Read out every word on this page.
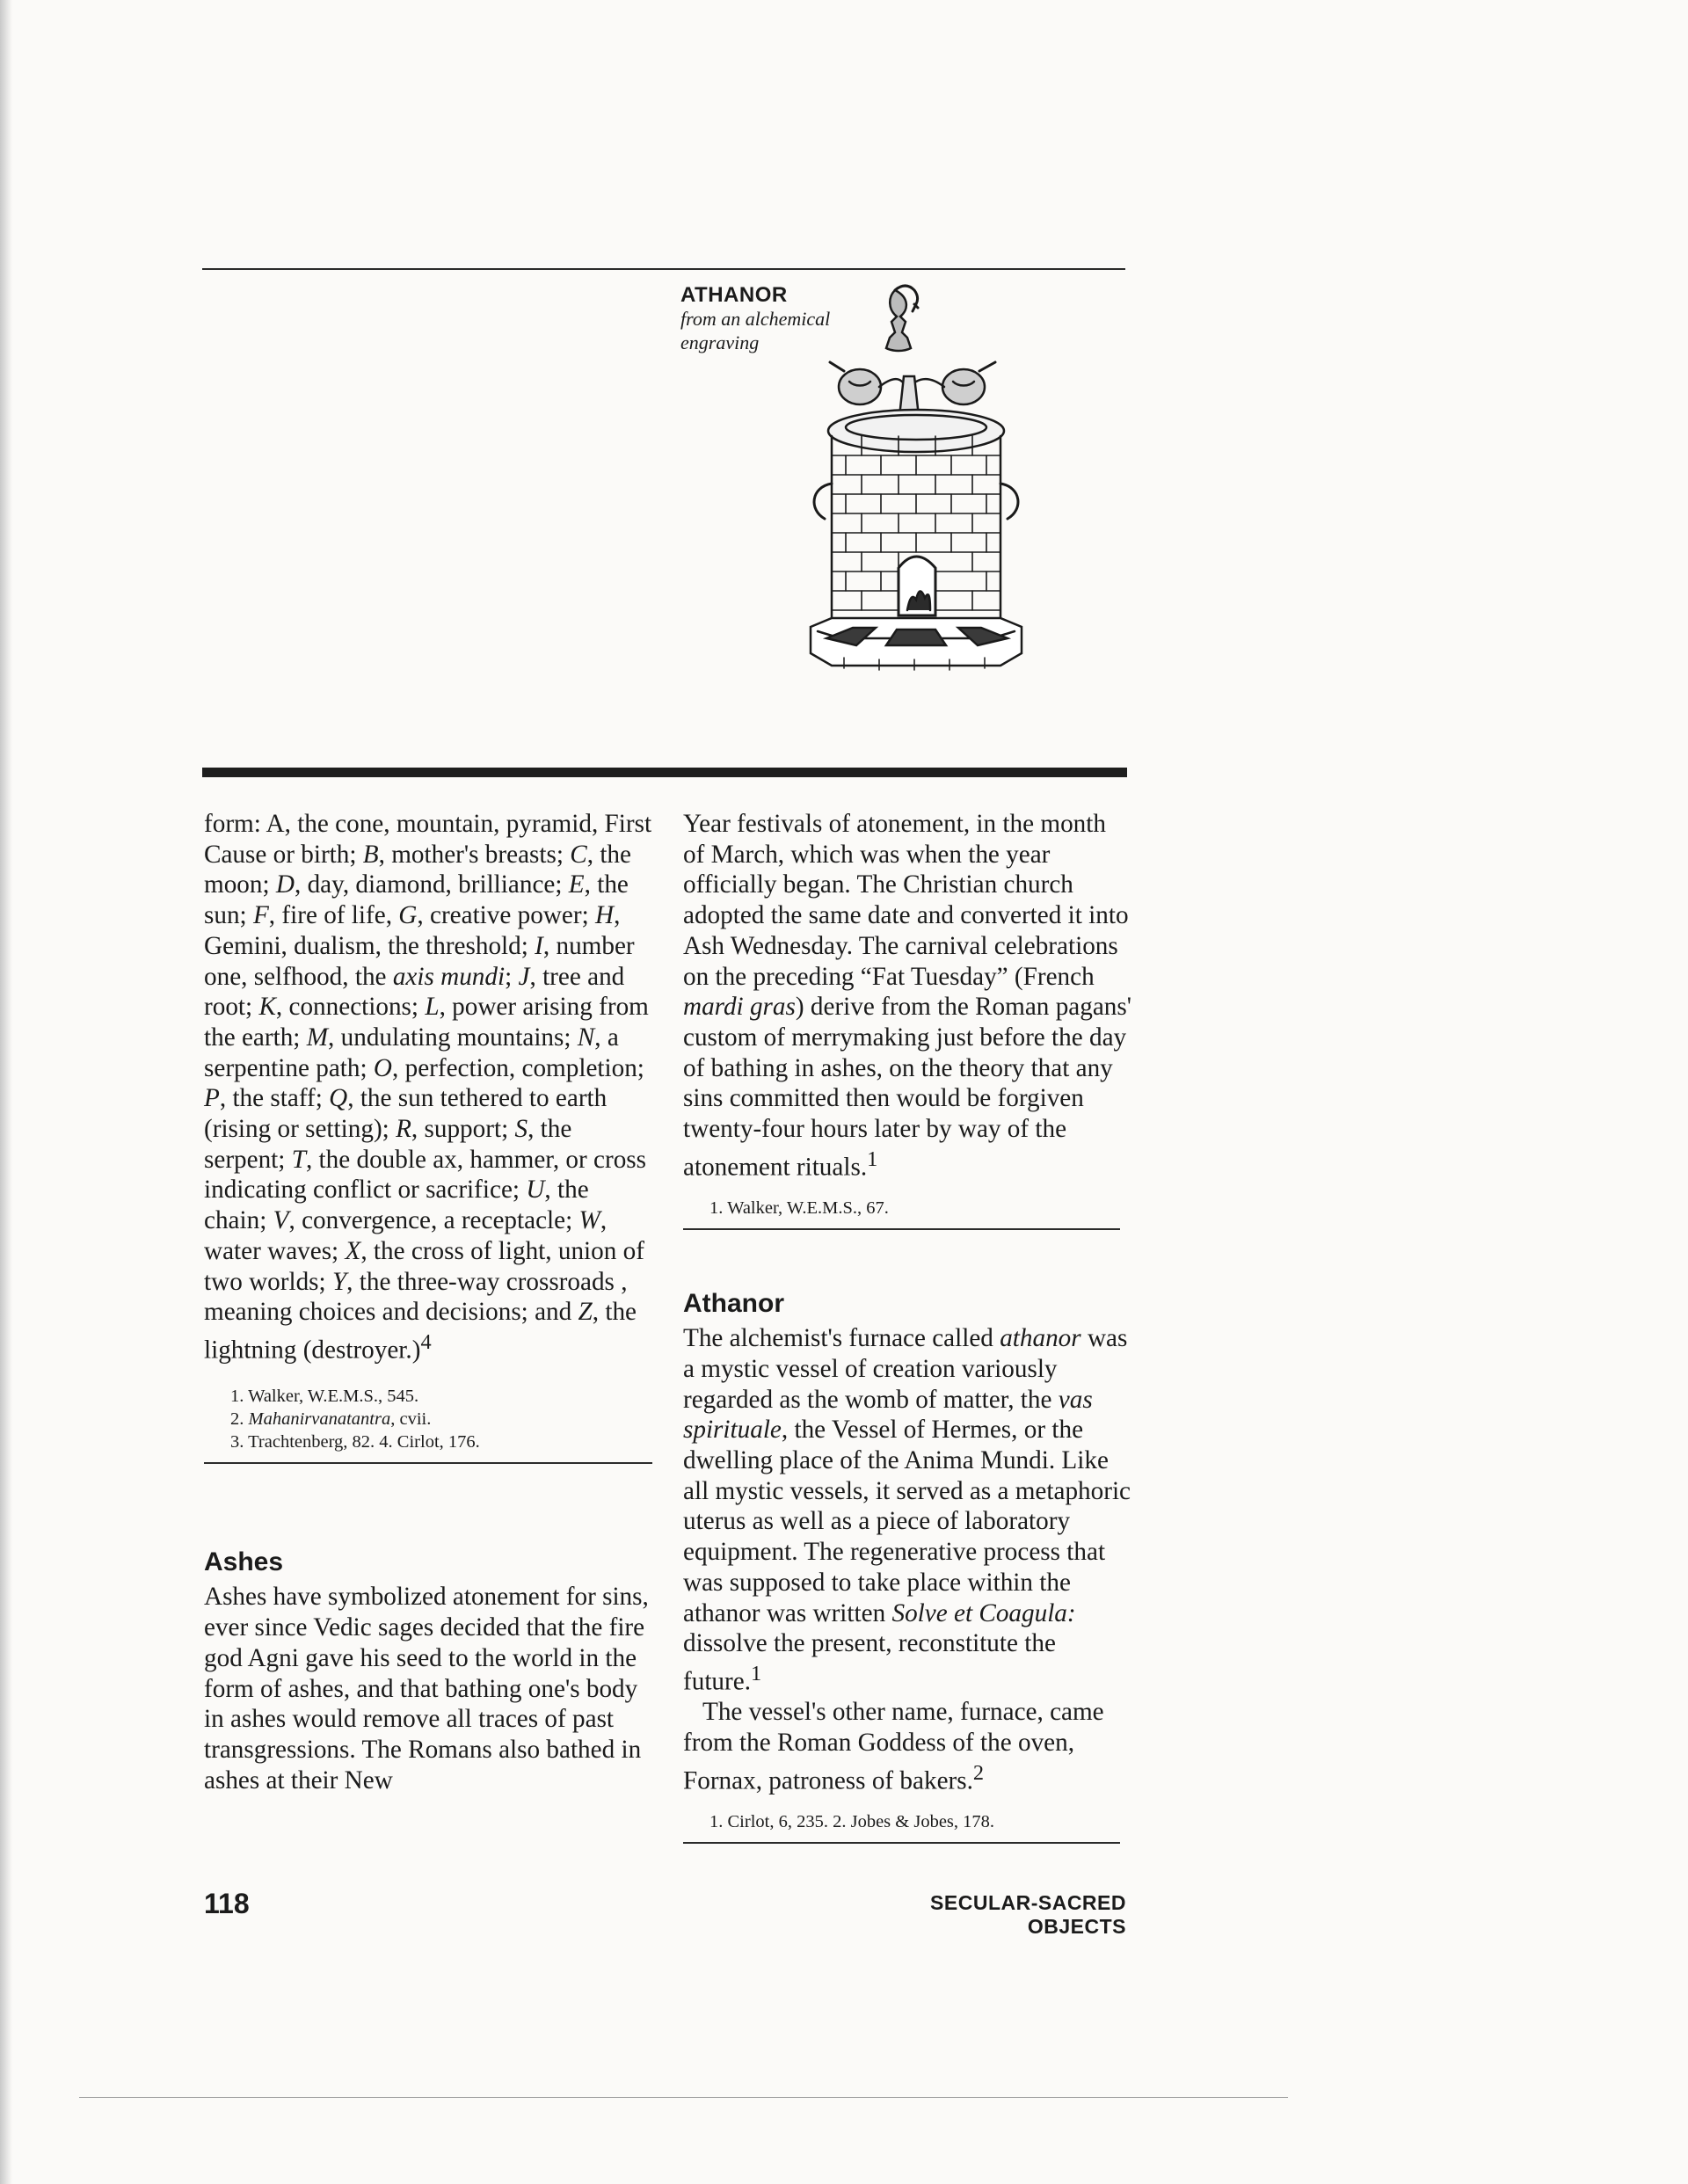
ATHANOR
from an alchemical
engraving

form: A, the cone, mountain, pyramid, First Cause or birth; B, mother's breasts; C, the moon; D, day, diamond, brilliance; E, the sun; F, fire of life, G, creative power; H, Gemini, dualism, the threshold; I, number one, selfhood, the axis mundi; J, tree and root; K, connections; L, power arising from the earth; M, undulating mountains; N, a serpentine path; O, perfection, completion; P, the staff; Q, the sun tethered to earth (rising or setting); R, support; S, the serpent; T, the double ax, hammer, or cross indicating conflict or sacrifice; U, the chain; V, convergence, a receptacle; W, water waves; X, the cross of light, union of two worlds; Y, the three-way crossroads , meaning choices and decisions; and Z, the lightning (destroyer.)$^4$

1. Walker, W.E.M.S., 545.
2. Mahanirvanatantra, cvii.
3. Trachtenberg, 82. 4. Cirlot, 176.
Ashes

Ashes have symbolized atonement for sins, ever since Vedic sages decided that the fire god Agni gave his seed to the world in the form of ashes, and that bathing one's body in ashes would remove all traces of past transgressions. The Romans also bathed in ashes at their New

Year festivals of atonement, in the month of March, which was when the year officially began. The Christian church adopted the same date and converted it into Ash Wednesday. The carnival celebrations on the preceding “Fat Tuesday” (French mardi gras) derive from the Roman pagans' custom of merrymaking just before the day of bathing in ashes, on the theory that any sins committed then would be forgiven twenty-four hours later by way of the atonement rituals.$^1$

1. Walker, W.E.M.S., 67.
Athanor

The alchemist's furnace called athanor was a mystic vessel of creation variously regarded as the womb of matter, the vas spirituale, the Vessel of Hermes, or the dwelling place of the Anima Mundi. Like all mystic vessels, it served as a metaphoric uterus as well as a piece of laboratory equipment. The regenerative process that was supposed to take place within the athanor was written Solve et Coagula: dissolve the present, reconstitute the future.$^1$

The vessel's other name, furnace, came from the Roman Goddess of the oven, Fornax, patroness of bakers.$^2$

1. Cirlot, 6, 235. 2. Jobes & Jobes, 178.
118	SECULAR-SACRED OBJECTS
